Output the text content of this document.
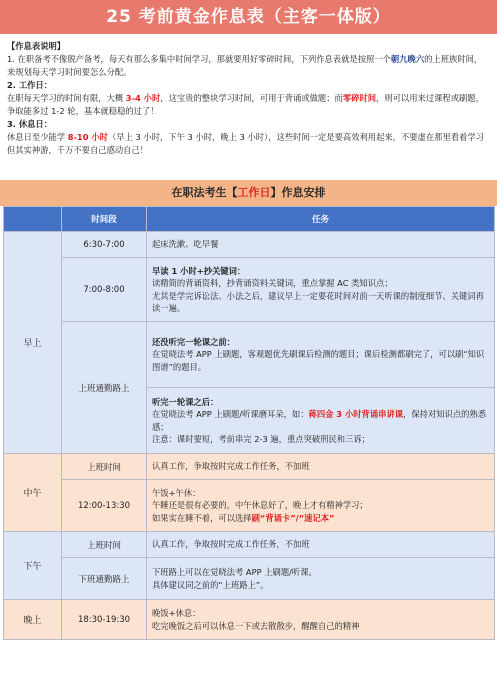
25 考前黄金作息表（主客一体版）
【作息表说明】
1. 在职备考不像脱产备考，每天有那么多集中时间学习，那就要用好零碎时间，下列作息表就是按照一个朝九晚六的上班族时间，来规划每天学习时间要怎么分配。
2. 工作日：
在职每天学习的时间有限，大概 3-4 小时，这宝贵的整块学习时间，可用于背诵或做题；而零碎时间，则可以用来过课程或刷题，争取能多过 1-2 轮，基本就稳稳的过了！
3. 休息日：
休息日至少能学 8-10 小时（早上 3 小时，下午 3 小时，晚上 3 小时），这些时间一定是要高效利用起来，不要虚在那里看着学习但其实神游，千万不要自己感动自己！
在职法考生【工作日】作息安排
	时间段	任务
早上	6:30-7:00	起床洗漱、吃早餐
	7:00-8:00	早读 1 小时+抄关键词：
读精简的背诵资料，抄背诵资料关键词，重点掌握 AC 类知识点；
尤其是学完诉讼法、小法之后，建议早上一定要花时间对前一天听课的制度细节、关键词再读一遍。

	上班通勤路上	还没听完一轮课之前：
在觉晓法考 APP 上刷题，客观题优先刷课后检测的题目；课后检测都刷完了，可以刷“知识图谱”的题目。

		听完一轮课之后：
在觉晓法考 APP 上刷题/听课磨耳朵，如：蒋四金 3 小时背诵串讲课，保持对知识点的熟悉感；
注意：课时要短，考前串完 2-3 遍，重点突破刑民和三诉；

中午	上班时间	认真工作，争取按时完成工作任务，不加班
	12:00-13:30	午饭+午休：
午睡还是很有必要的，中午休息好了，晚上才有精神学习；
如果实在睡不着，可以选择刷“背诵卡”/“速记本”

下午	上班时间	认真工作，争取按时完成工作任务，不加班
	下班通勤路上	下班路上可以在觉晓法考 APP 上刷题/听课。
具体建议同之前的“上班路上”。

晚上	18:30-19:30	晚饭+休息：
吃完晚饭之后可以休息一下或去散散步，醒醒自己的精神
